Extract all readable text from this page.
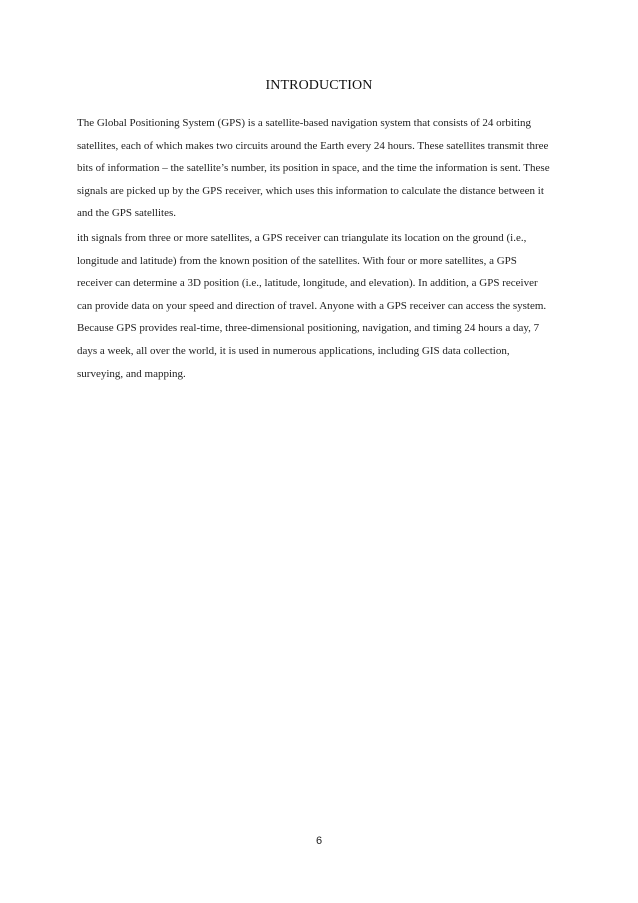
INTRODUCTION
The Global Positioning System (GPS) is a satellite-based navigation system that consists of 24 orbiting
satellites, each of which makes two circuits around the Earth every 24 hours. These satellites transmit three
bits of information – the satellite’s number, its position in space, and the time the information is sent. These
signals are picked up by the GPS receiver, which uses this information to calculate the distance between it
and the GPS satellites.
ith signals from three or more satellites, a GPS receiver can triangulate its location on the ground (i.e.,
longitude and latitude) from the known position of the satellites. With four or more satellites, a GPS
receiver can determine a 3D position (i.e., latitude, longitude, and elevation). In addition, a GPS receiver
can provide data on your speed and direction of travel. Anyone with a GPS receiver can access the system.
Because GPS provides real-time, three-dimensional positioning, navigation, and timing 24 hours a day, 7
days a week, all over the world, it is used in numerous applications, including GIS data collection,
surveying, and mapping.
6
